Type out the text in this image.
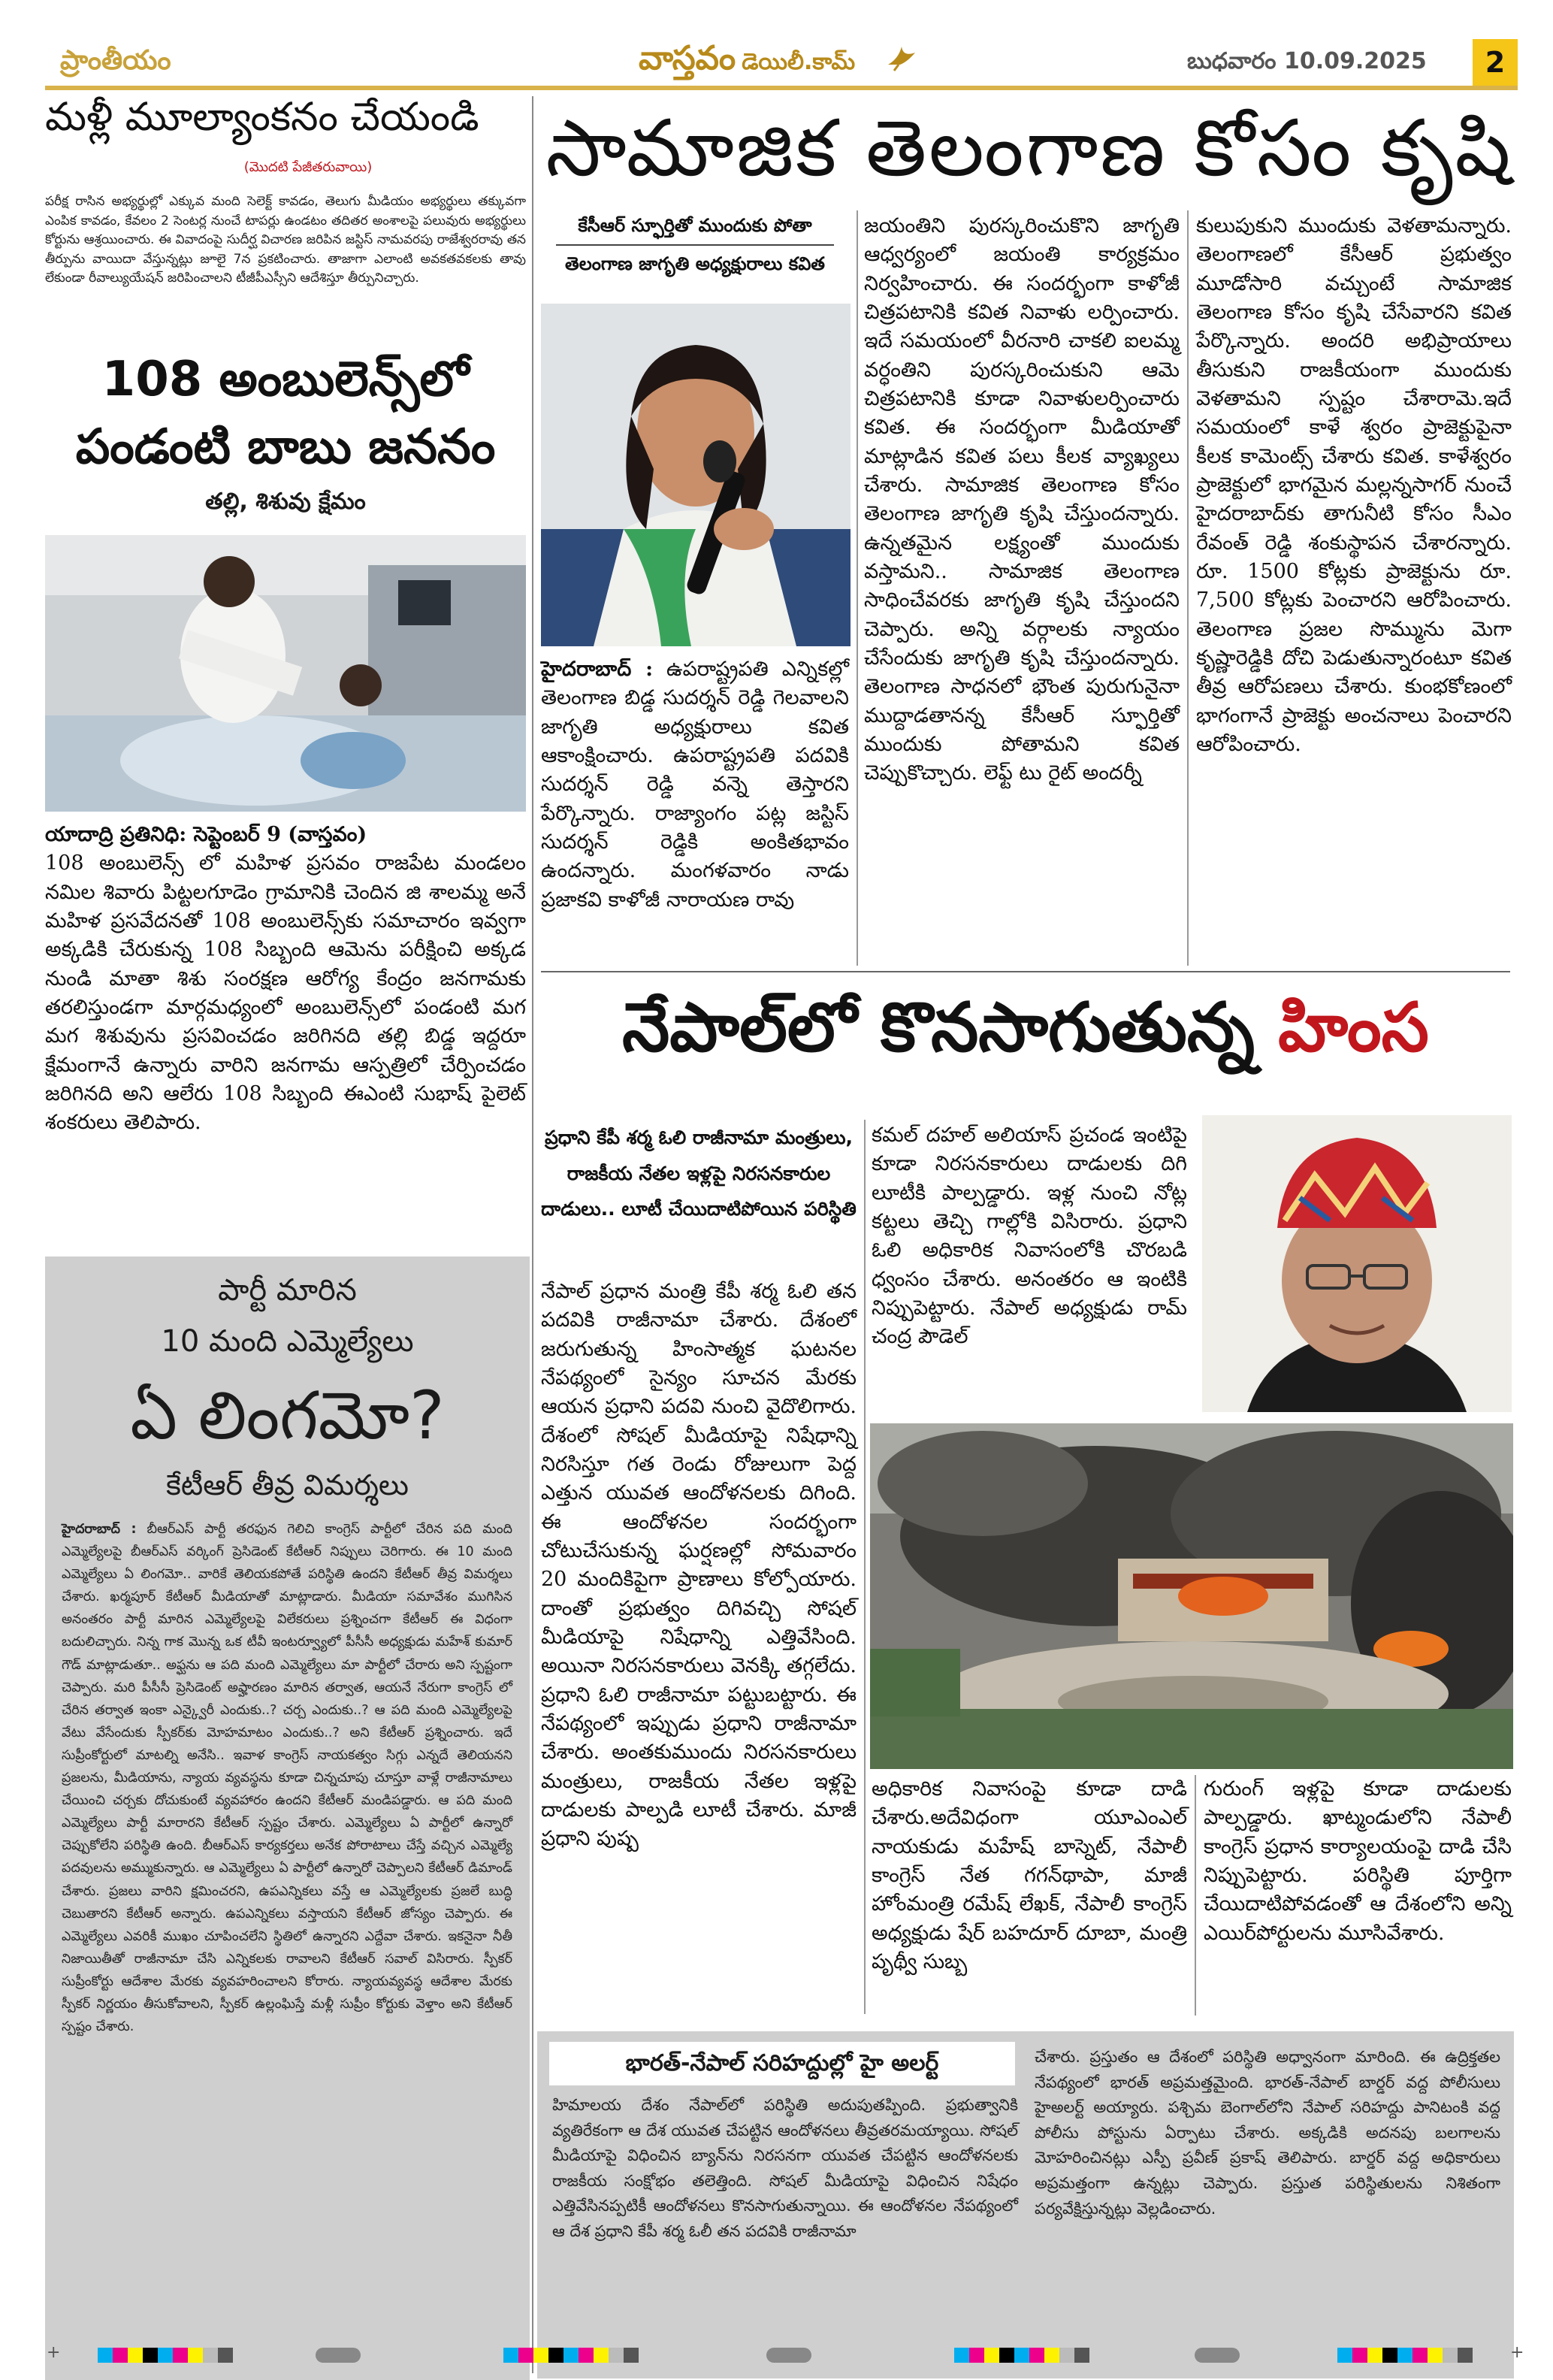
ప్రాంతీయం	వాస్తవం డెయిలీ.కామ్	బుధవారం 10.09.2025	2
మళ్లీ మూల్యాంకనం చేయండి
(మొదటి పేజీతరువాయి)
పరీక్ష రాసిన అభ్యర్థుల్లో ఎక్కువ మంది సెలెక్ట్ కావడం, తెలుగు మీడియం అభ్యర్థులు తక్కువగా ఎంపిక కావడం, కేవలం 2 సెంటర్ల నుంచే టాపర్లు ఉండటం తదితర అంశాలపై పలువురు అభ్యర్థులు కోర్టును ఆశ్రయించారు. ఈ వివాదంపై సుదీర్ఘ విచారణ జరిపిన జస్టిస్ నామవరపు రాజేశ్వరరావు తన తీర్పును వాయిదా వేస్తున్నట్లు జూలై 7న ప్రకటించారు. తాజాగా ఎలాంటి అవకతవకలకు తావు లేకుండా రీవాల్యుయేషన్ జరిపించాలని టీజీపీఎస్సీని ఆదేశిస్తూ తీర్పునిచ్చారు.
108 అంబులెన్స్‌లో
పండంటి బాబు జననం
తల్లి, శిశువు క్షేమం
యాదాద్రి ప్రతినిధి: సెప్టెంబర్ 9 (వాస్తవం)
108 అంబులెన్స్ లో మహిళ ప్రసవం రాజపేట మండలం నమిల శివారు పిట్టలగూడెం గ్రామానికి చెందిన జి శాలమ్మ అనే మహిళ ప్రసవేదనతో 108 అంబులెన్స్‌కు సమాచారం ఇవ్వగా అక్కడికి చేరుకున్న 108 సిబ్బంది ఆమెను పరీక్షించి అక్కడ నుండి మాతా శిశు సంరక్షణ ఆరోగ్య కేంద్రం జనగామకు తరలిస్తుండగా మార్గమధ్యంలో అంబులెన్స్‌లో పండంటి మగ మగ శిశువును ప్రసవించడం జరిగినది తల్లి బిడ్డ ఇద్దరూ క్షేమంగానే ఉన్నారు వారిని జనగామ ఆస్పత్రిలో చేర్పించడం జరిగినది అని ఆలేరు 108 సిబ్బంది ఈఎంటి సుభాష్ పైలెట్ శంకరులు తెలిపారు.
పార్టీ మారిన
10 మంది ఎమ్మెల్యేలు
ఏ లింగమో?
కేటీఆర్ తీవ్ర విమర్శలు
హైదరాబాద్ : బీఆర్ఎస్ పార్టీ తరఫున గెలిచి కాంగ్రెస్ పార్టీలో చేరిన పది మంది ఎమ్మెల్యేలపై బీఆర్ఎస్ వర్కింగ్ ప్రెసిడెంట్ కేటీఆర్ నిప్పులు చెరిగారు. ఈ 10 మంది ఎమ్మెల్యేలు ఏ లింగమో.. వారికే తెలియకపోతే పరిస్థితి ఉందని కేటీఆర్ తీవ్ర విమర్శలు చేశారు. ఖర్మపూర్ కేటీఆర్ మీడియాతో మాట్లాడారు. మీడియా సమావేశం ముగిసిన అనంతరం పార్టీ మారిన ఎమ్మెల్యేలపై విలేకరులు ప్రశ్నించగా కేటీఆర్ ఈ విధంగా బదులిచ్చారు. నిన్న గాక మొన్న ఒక టీవీ ఇంటర్వ్యూలో పీసీసీ అధ్యక్షుడు మహేశ్ కుమార్ గౌడ్ మాట్లాడుతూ.. అఫ్ఘను ఆ పది మంది ఎమ్మెల్యేలు మా పార్టీలో చేరారు అని స్పష్టంగా చెప్పారు. మరి పీసీసీ ప్రెసిడెంట్ అఫ్హారణం మారిన తర్వాత, ఆయనే నేరుగా కాంగ్రెస్ లో చేరిన తర్వాత ఇంకా ఎన్క్వైరీ ఎందుకు..? చర్చ ఎందుకు..? ఆ పది మంది ఎమ్మెల్యేలపై వేటు వేసేందుకు స్పీకర్‌కు మోహమాటం ఎందుకు..? అని కేటీఆర్ ప్రశ్నించారు. ఇదే సుప్రీంకోర్టులో మాటల్ని అనేసి.. ఇవాళ కాంగ్రెస్ నాయకత్వం సిగ్గు ఎన్నదే తెలియనని ప్రజలను, మీడియాను, న్యాయ వ్యవస్థను కూడా చిన్నచూపు చూస్తూ వాళ్లే రాజీనామాలు చేయించి చర్చకు దోచుకుంటే వ్యవహారం ఉందని కేటీఆర్ మండిపడ్డారు. ఆ పది మంది ఎమ్మెల్యేలు పార్టీ మారారని కేటీఆర్ స్పష్టం చేశారు. ఎమ్మెల్యేలు ఏ పార్టీలో ఉన్నారో చెప్పుకోలేని పరిస్థితి ఉంది. బీఆర్ఎస్ కార్యకర్తలు అనేక పోరాటాలు చేస్తే వచ్చిన ఎమ్మెల్యే పదవులను అమ్ముకున్నారు. ఆ ఎమ్మెల్యేలు ఏ పార్టీలో ఉన్నారో చెప్పాలని కేటీఆర్ డిమాండ్ చేశారు. ప్రజలు వారిని క్షమించరని, ఉపఎన్నికలు వస్తే ఆ ఎమ్మెల్యేలకు ప్రజలే బుద్ధి చెబుతారని కేటీఆర్ అన్నారు. ఉపఎన్నికలు వస్తాయని కేటీఆర్ జోస్యం చెప్పారు. ఈ ఎమ్మెల్యేలు ఎవరికీ ముఖం చూపించలేని స్థితిలో ఉన్నారని ఎద్దేవా చేశారు. ఇకనైనా నీతీ నిజాయితీతో రాజీనామా చేసి ఎన్నికలకు రావాలని కేటీఆర్ సవాల్ విసిరారు. స్పీకర్ సుప్రీంకోర్టు ఆదేశాల మేరకు వ్యవహరించాలని కోరారు. న్యాయవ్యవస్థ ఆదేశాల మేరకు స్పీకర్ నిర్ణయం తీసుకోవాలని, స్పీకర్ ఉల్లంఘిస్తే మళ్లీ సుప్రీం కోర్టుకు వెళ్తాం అని కేటీఆర్ స్పష్టం చేశారు.
సామాజిక తెలంగాణ కోసం కృషి
కేసీఆర్ స్ఫూర్తితో ముందుకు పోతా
తెలంగాణ జాగృతి అధ్యక్షురాలు కవిత
హైదరాబాద్ : ఉపరాష్ట్రపతి ఎన్నికల్లో తెలంగాణ బిడ్డ సుదర్శన్ రెడ్డి గెలవాలని జాగృతి అధ్యక్షురాలు కవిత ఆకాంక్షించారు. ఉపరాష్ట్రపతి పదవికి సుదర్శన్ రెడ్డి వన్నె తెస్తారని పేర్కొన్నారు. రాజ్యాంగం పట్ల జస్టిస్ సుదర్శన్ రెడ్డికి అంకితభావం ఉందన్నారు. మంగళవారం నాడు ప్రజాకవి కాళోజీ నారాయణ రావు
జయంతిని పురస్కరించుకొని జాగృతి ఆధ్వర్యంలో జయంతి కార్యక్రమం నిర్వహించారు. ఈ సందర్భంగా కాళోజీ చిత్రపటానికి కవిత నివాళు లర్పించారు. ఇదే సమయంలో వీరనారి చాకలి ఐలమ్మ వర్ధంతిని పురస్కరించుకుని ఆమె చిత్రపటానికి కూడా నివాళులర్పించారు కవిత. ఈ సందర్భంగా మీడియాతో మాట్లాడిన కవిత పలు కీలక వ్యాఖ్యలు చేశారు. సామాజిక తెలంగాణ కోసం తెలంగాణ జాగృతి కృషి చేస్తుందన్నారు. ఉన్నతమైన లక్ష్యంతో ముందుకు వస్తామని.. సామాజిక తెలంగాణ సాధించేవరకు జాగృతి కృషి చేస్తుందని చెప్పారు. అన్ని వర్గాలకు న్యాయం చేసేందుకు జాగృతి కృషి చేస్తుందన్నారు. తెలంగాణ సాధనలో భౌంత పురుగునైనా ముద్దాడతానన్న కేసీఆర్ స్ఫూర్తితో ముందుకు పోతామని కవిత చెప్పుకొచ్చారు. లెఫ్ట్ టు రైట్ అందర్నీ
కులుపుకుని ముందుకు వెళతామన్నారు. తెలంగాణలో కేసీఆర్ ప్రభుత్వం మూడోసారి వచ్చుంటే సామాజిక తెలంగాణ కోసం కృషి చేసేవారని కవిత పేర్కొన్నారు. అందరి అభిప్రాయాలు తీసుకుని రాజకీయంగా ముందుకు వెళతామని స్పష్టం చేశారామె.ఇదే సమయంలో కాళే శ్వరం ప్రాజెక్టుపైనా కీలక కామెంట్స్ చేశారు కవిత. కాళేశ్వరం ప్రాజెక్టులో భాగమైన మల్లన్నసాగర్ నుంచే హైదరాబాద్‌కు తాగునీటి కోసం సీఎం రేవంత్ రెడ్డి శంకుస్థాపన చేశారన్నారు. రూ. 1500 కోట్లకు ప్రాజెక్టును రూ. 7,500 కోట్లకు పెంచారని ఆరోపించారు. తెలంగాణ ప్రజల సొమ్మును మెగా కృష్ణారెడ్డికి దోచి పెడుతున్నారంటూ కవిత తీవ్ర ఆరోపణలు చేశారు. కుంభకోణంలో భాగంగానే ప్రాజెక్టు అంచనాలు పెంచారని ఆరోపించారు.
నేపాల్‌లో కొనసాగుతున్న హింస
ప్రధాని కేపీ శర్మ ఓలి రాజీనామా మంత్రులు, రాజకీయ నేతల ఇళ్లపై నిరసనకారుల దాడులు.. లూటీ చేయిదాటిపోయిన పరిస్థితి
నేపాల్ ప్రధాన మంత్రి కేపీ శర్మ ఓలి తన పదవికి రాజీనామా చేశారు. దేశంలో జరుగుతున్న హింసాత్మక ఘటనల నేపథ్యంలో సైన్యం సూచన మేరకు ఆయన ప్రధాని పదవి నుంచి వైదొలిగారు. దేశంలో సోషల్ మీడియాపై నిషేధాన్ని నిరసిస్తూ గత రెండు రోజులుగా పెద్ద ఎత్తున యువత ఆందోళనలకు దిగింది. ఈ ఆందోళనల సందర్భంగా చోటుచేసుకున్న ఘర్షణల్లో సోమవారం 20 మందికిపైగా ప్రాణాలు కోల్పోయారు. దాంతో ప్రభుత్వం దిగివచ్చి సోషల్ మీడియాపై నిషేధాన్ని ఎత్తివేసింది. అయినా నిరసనకారులు వెనక్కి తగ్గలేదు. ప్రధాని ఓలి రాజీనామా పట్టుబట్టారు. ఈ నేపథ్యంలో ఇప్పుడు ప్రధాని రాజీనామా చేశారు. అంతకుముందు నిరసనకారులు మంత్రులు, రాజకీయ నేతల ఇళ్లపై దాడులకు పాల్పడి లూటీ చేశారు. మాజీ ప్రధాని పుష్ప
కమల్ దహల్ అలియాస్ ప్రచండ ఇంటిపై కూడా నిరసనకారులు దాడులకు దిగి లూటీకి పాల్పడ్డారు. ఇళ్ల నుంచి నోట్ల కట్టలు తెచ్చి గాల్లోకి విసిరారు. ప్రధాని ఓలి అధికారిక నివాసంలోకి చొరబడి ధ్వంసం చేశారు. అనంతరం ఆ ఇంటికి నిప్పుపెట్టారు. నేపాల్ అధ్యక్షుడు రామ్ చంద్ర పౌడెల్
అధికారిక నివాసంపై కూడా దాడి చేశారు.అదేవిధంగా యూఎంఎల్ నాయకుడు మహేష్ బాస్నెట్, నేపాలీ కాంగ్రెస్ నేత గగన్‌థాపా, మాజీ హోంమంత్రి రమేష్ లేఖక్, నేపాలీ కాంగ్రెస్ అధ్యక్షుడు షేర్ బహదూర్ దూబా, మంత్రి పృథ్వీ సుబ్బ
గురుంగ్ ఇళ్లపై కూడా దాడులకు పాల్పడ్డారు. ఖాట్మండులోని నేపాలీ కాంగ్రెస్ ప్రధాన కార్యాలయంపై దాడి చేసి నిప్పుపెట్టారు. పరిస్థితి పూర్తిగా చేయిదాటిపోవడంతో ఆ దేశంలోని అన్ని ఎయిర్‌పోర్టులను మూసివేశారు.
భారత్-నేపాల్ సరిహద్దుల్లో హై అలర్ట్
హిమాలయ దేశం నేపాల్‌లో పరిస్థితి అదుపుతప్పింది. ప్రభుత్వానికి వ్యతిరేకంగా ఆ దేశ యువత చేపట్టిన ఆందోళనలు తీవ్రతరమయ్యాయి. సోషల్ మీడియాపై విధించిన బ్యాన్‌ను నిరసనగా యువత చేపట్టిన ఆందోళనలకు రాజకీయ సంక్షోభం తలెత్తింది. సోషల్ మీడియాపై విధించిన నిషేధం ఎత్తివేసినప్పటికీ ఆందోళనలు కొనసాగుతున్నాయి. ఈ ఆందోళనల నేపథ్యంలో ఆ దేశ ప్రధాని కేపీ శర్మ ఓలీ తన పదవికి రాజీనామా
చేశారు. ప్రస్తుతం ఆ దేశంలో పరిస్థితి అధ్వానంగా మారింది. ఈ ఉద్రిక్తతల నేపథ్యంలో భారత్ అప్రమత్తమైంది. భారత్-నేపాల్ బార్డర్ వద్ద పోలీసులు హైఅలర్ట్ అయ్యారు. పశ్చిమ బెంగాల్‌లోని నేపాల్ సరిహద్దు పానిటంకి వద్ద పోలీసు పోస్టును ఏర్పాటు చేశారు. అక్కడికి అదనపు బలగాలను మోహరించినట్లు ఎస్పీ ప్రవీణ్ ప్రకాష్ తెలిపారు. బార్డర్ వద్ద అధికారులు అప్రమత్తంగా ఉన్నట్లు చెప్పారు. ప్రస్తుత పరిస్థితులను నిశితంగా పర్యవేక్షిస్తున్నట్లు వెల్లడించారు.
+	+
